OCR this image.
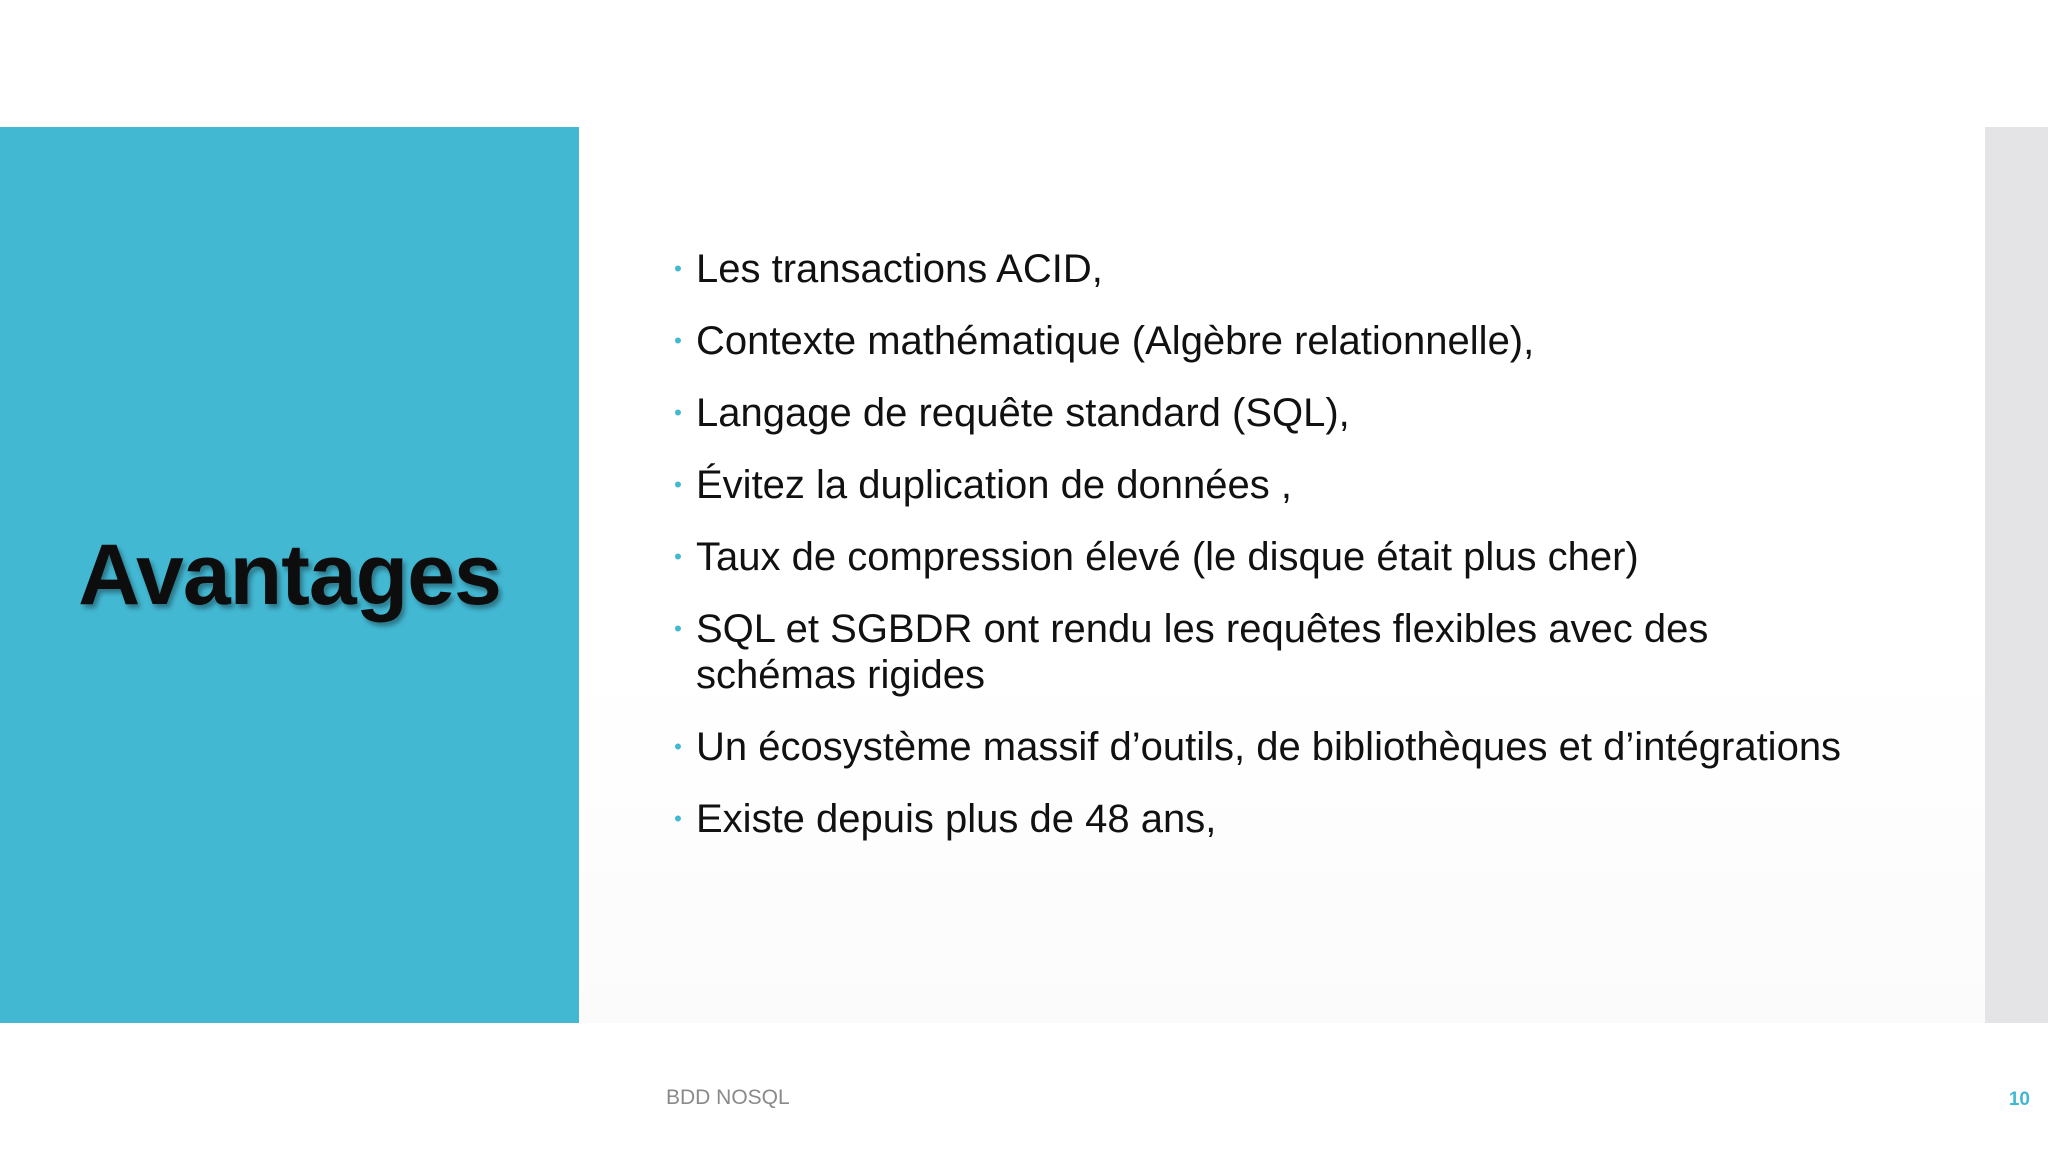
Avantages
• Les transactions ACID,
• Contexte mathématique (Algèbre relationnelle),
• Langage de requête standard (SQL),
• Évitez la duplication de données ,
• Taux de compression élevé (le disque était plus cher)
• SQL et SGBDR ont rendu les requêtes flexibles avec des schémas rigides
• Un écosystème massif d’outils, de bibliothèques et d’intégrations
• Existe depuis plus de 48 ans,
BDD NOSQL	10
